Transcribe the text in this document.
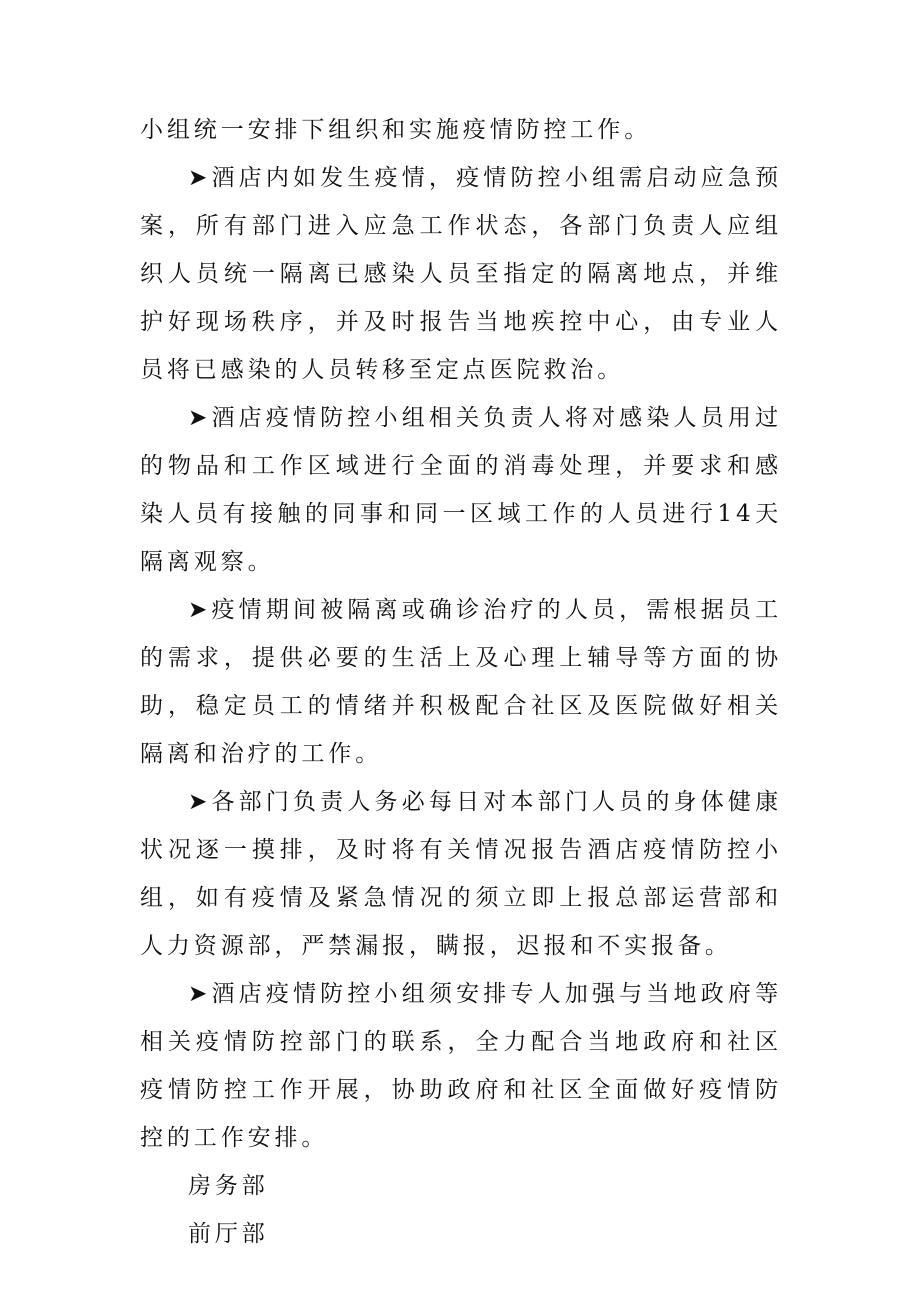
小组统一安排下组织和实施疫情防控工作。

➤酒店内如发生疫情，疫情防控小组需启动应急预案，所有部门进入应急工作状态，各部门负责人应组织人员统一隔离已感染人员至指定的隔离地点，并维护好现场秩序，并及时报告当地疾控中心，由专业人员将已感染的人员转移至定点医院救治。

➤酒店疫情防控小组相关负责人将对感染人员用过的物品和工作区域进行全面的消毒处理，并要求和感染人员有接触的同事和同一区域工作的人员进行14天隔离观察。

➤疫情期间被隔离或确诊治疗的人员，需根据员工的需求，提供必要的生活上及心理上辅导等方面的协助，稳定员工的情绪并积极配合社区及医院做好相关隔离和治疗的工作。

➤各部门负责人务必每日对本部门人员的身体健康状况逐一摸排，及时将有关情况报告酒店疫情防控小组，如有疫情及紧急情况的须立即上报总部运营部和人力资源部，严禁漏报，瞒报，迟报和不实报备。

➤酒店疫情防控小组须安排专人加强与当地政府等相关疫情防控部门的联系，全力配合当地政府和社区疫情防控工作开展，协助政府和社区全面做好疫情防控的工作安排。

房务部

前厅部
